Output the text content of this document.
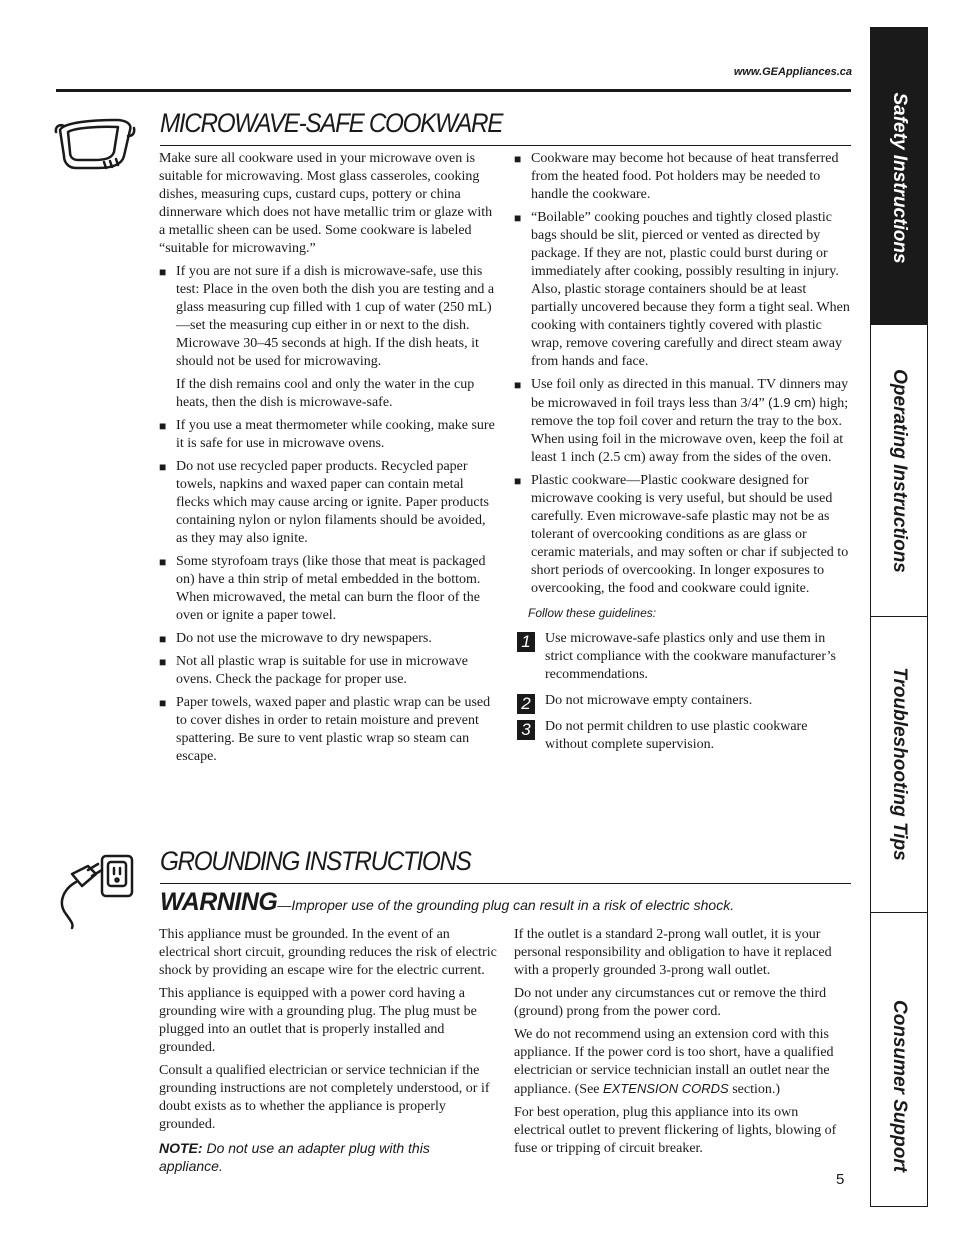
www.GEAppliances.ca
MICROWAVE-SAFE COOKWARE

Make sure all cookware used in your microwave oven is suitable for microwaving. Most glass casseroles, cooking dishes, measuring cups, custard cups, pottery or china dinnerware which does not have metallic trim or glaze with a metallic sheen can be used. Some cookware is labeled “suitable for microwaving.”

■ If you are not sure if a dish is microwave-safe, use this test: Place in the oven both the dish you are testing and a glass measuring cup filled with 1 cup of water (250 mL)—set the measuring cup either in or next to the dish. Microwave 30–45 seconds at high. If the dish heats, it should not be used for microwaving.
If the dish remains cool and only the water in the cup heats, then the dish is microwave-safe.
■ If you use a meat thermometer while cooking, make sure it is safe for use in microwave ovens.
■ Do not use recycled paper products. Recycled paper towels, napkins and waxed paper can contain metal flecks which may cause arcing or ignite. Paper products containing nylon or nylon filaments should be avoided, as they may also ignite.
■ Some styrofoam trays (like those that meat is packaged on) have a thin strip of metal embedded in the bottom. When microwaved, the metal can burn the floor of the oven or ignite a paper towel.
■ Do not use the microwave to dry newspapers.
■ Not all plastic wrap is suitable for use in microwave ovens. Check the package for proper use.
■ Paper towels, waxed paper and plastic wrap can be used to cover dishes in order to retain moisture and prevent spattering. Be sure to vent plastic wrap so steam can escape.
■ Cookware may become hot because of heat transferred from the heated food. Pot holders may be needed to handle the cookware.
■ “Boilable” cooking pouches and tightly closed plastic bags should be slit, pierced or vented as directed by package. If they are not, plastic could burst during or immediately after cooking, possibly resulting in injury. Also, plastic storage containers should be at least partially uncovered because they form a tight seal. When cooking with containers tightly covered with plastic wrap, remove covering carefully and direct steam away from hands and face.
■ Use foil only as directed in this manual. TV dinners may be microwaved in foil trays less than 3/4” (1.9 cm) high; remove the top foil cover and return the tray to the box. When using foil in the microwave oven, keep the foil at least 1 inch (2.5 cm) away from the sides of the oven.
■ Plastic cookware—Plastic cookware designed for microwave cooking is very useful, but should be used carefully. Even microwave-safe plastic may not be as tolerant of overcooking conditions as are glass or ceramic materials, and may soften or char if subjected to short periods of overcooking. In longer exposures to overcooking, the food and cookware could ignite.
Follow these guidelines:
1	Use microwave-safe plastics only and use them in strict compliance with the cookware manufacturer’s recommendations.
2	Do not microwave empty containers.
3	Do not permit children to use plastic cookware without complete supervision.
GROUNDING INSTRUCTIONS
WARNING—Improper use of the grounding plug can result in a risk of electric shock.

This appliance must be grounded. In the event of an electrical short circuit, grounding reduces the risk of electric shock by providing an escape wire for the electric current.

This appliance is equipped with a power cord having a grounding wire with a grounding plug. The plug must be plugged into an outlet that is properly installed and grounded.

Consult a qualified electrician or service technician if the grounding instructions are not completely understood, or if doubt exists as to whether the appliance is properly grounded.

NOTE: Do not use an adapter plug with this appliance.

If the outlet is a standard 2-prong wall outlet, it is your personal responsibility and obligation to have it replaced with a properly grounded 3-prong wall outlet.

Do not under any circumstances cut or remove the third (ground) prong from the power cord.

We do not recommend using an extension cord with this appliance. If the power cord is too short, have a qualified electrician or service technician install an outlet near the appliance. (See EXTENSION CORDS section.)

For best operation, plug this appliance into its own electrical outlet to prevent flickering of lights, blowing of fuse or tripping of circuit breaker.

5
Safety Instructions
Operating Instructions
Troubleshooting Tips
Consumer Support
